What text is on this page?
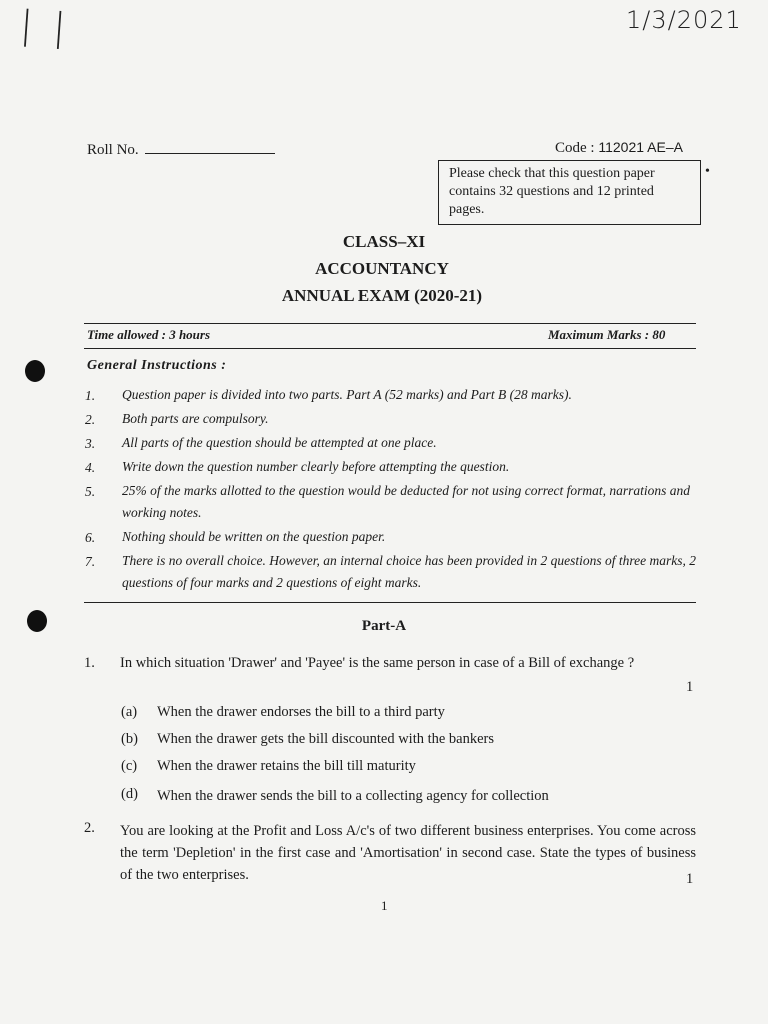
| |	1/3/2021
Roll No.	Code : 112021 AE–A
Please check that this question paper contains 32 questions and 12 printed pages.
•
CLASS–XI
ACCOUNTANCY
ANNUAL EXAM (2020-21)
Time allowed : 3 hours	Maximum Marks : 80
General Instructions :
1. Question paper is divided into two parts. Part A (52 marks) and Part B (28 marks).
2. Both parts are compulsory.
3. All parts of the question should be attempted at one place.
4. Write down the question number clearly before attempting the question.
5. 25% of the marks allotted to the question would be deducted for not using correct format, narrations and working notes.
6. Nothing should be written on the question paper.
7. There is no overall choice. However, an internal choice has been provided in 2 questions of three marks, 2 questions of four marks and 2 questions of eight marks.
Part-A
1. In which situation 'Drawer' and 'Payee' is the same person in case of a Bill of exchange ?
1
(a) When the drawer endorses the bill to a third party
(b) When the drawer gets the bill discounted with the bankers
(c) When the drawer retains the bill till maturity
(d) When the drawer sends the bill to a collecting agency for collection
2. You are looking at the Profit and Loss A/c's of two different business enterprises. You come across the term 'Depletion' in the first case and 'Amortisation' in second case. State the types of business of the two enterprises.	1
1
